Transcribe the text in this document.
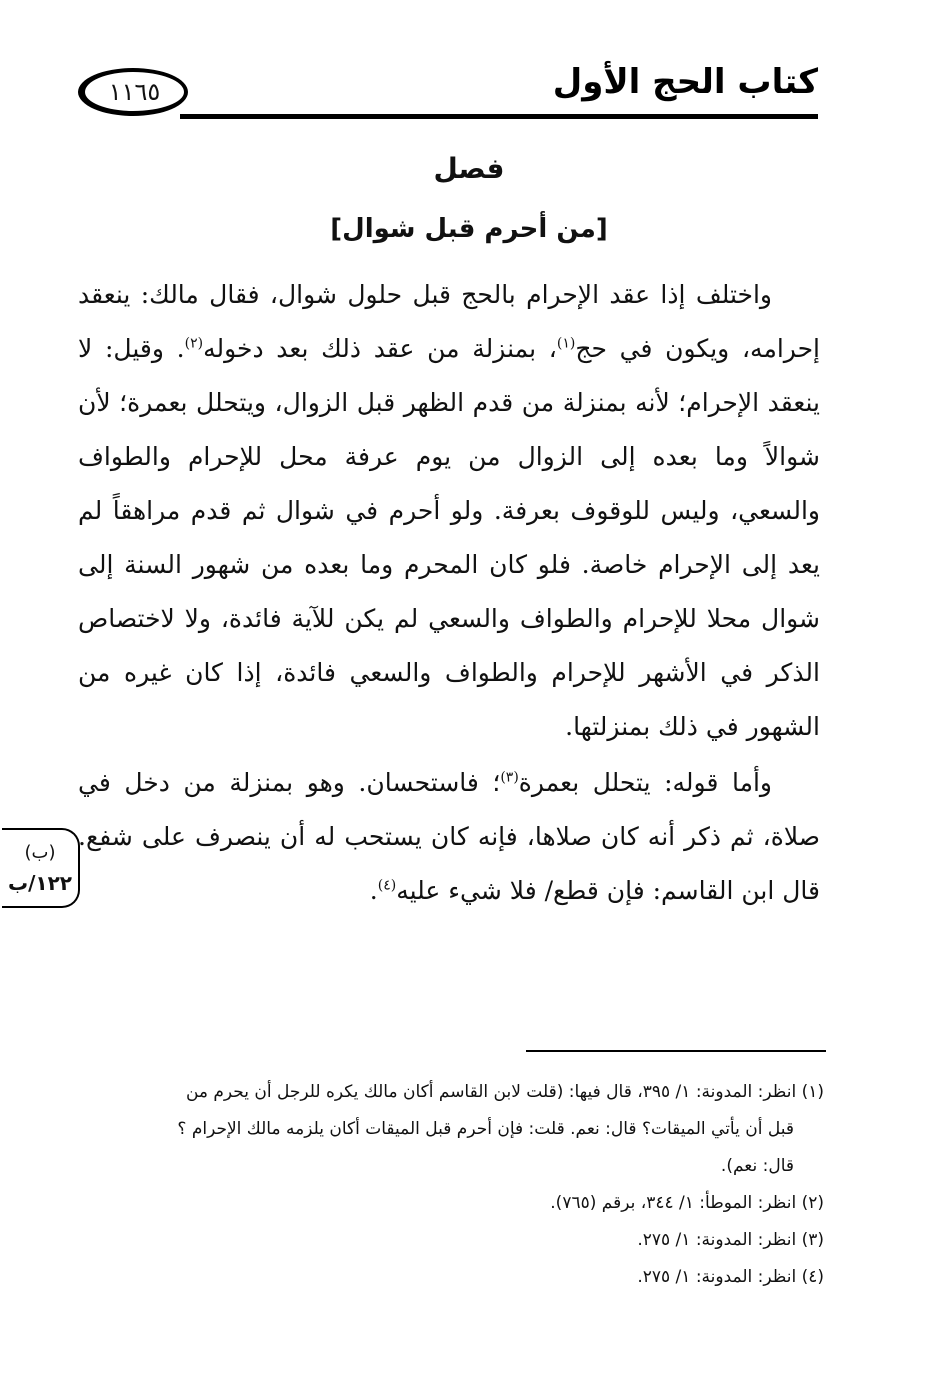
كتاب الحج الأول
١١٦٥
فصل
[من أحرم قبل شوال]

واختلف إذا عقد الإحرام بالحج قبل حلول شوال، فقال مالك: ينعقد إحرامه، ويكون في حج$^{(١)}$، بمنزلة من عقد ذلك بعد دخوله$^{(٢)}$. وقيل: لا ينعقد الإحرام؛ لأنه بمنزلة من قدم الظهر قبل الزوال، ويتحلل بعمرة؛ لأن شوالاً وما بعده إلى الزوال من يوم عرفة محل للإحرام والطواف والسعي، وليس للوقوف بعرفة. ولو أحرم في شوال ثم قدم مراهقاً لم يعد إلى الإحرام خاصة. فلو كان المحرم وما بعده من شهور السنة إلى شوال محلا للإحرام والطواف والسعي لم يكن للآية فائدة، ولا لاختصاص الذكر في الأشهر للإحرام والطواف والسعي فائدة، إذا كان غيره من الشهور في ذلك بمنزلتها.

وأما قوله: يتحلل بعمرة$^{(٣)}$؛ فاستحسان. وهو بمنزلة من دخل في صلاة، ثم ذكر أنه كان صلاها، فإنه كان يستحب له أن ينصرف على شفع. قال ابن القاسم: فإن قطع/ فلا شيء عليه$^{(٤)}$.

(ب)
١٢٢/ب

(١) انظر: المدونة: ١/ ٣٩٥، قال فيها: (قلت لابن القاسم أكان مالك يكره للرجل أن يحرم من
قبل أن يأتي الميقات؟ قال: نعم. قلت: فإن أحرم قبل الميقات أكان يلزمه مالك الإحرام ؟
قال: نعم).

(٢) انظر: الموطأ: ١/ ٣٤٤، برقم (٧٦٥).

(٣) انظر: المدونة: ١/ ٢٧٥.

(٤) انظر: المدونة: ١/ ٢٧٥.
